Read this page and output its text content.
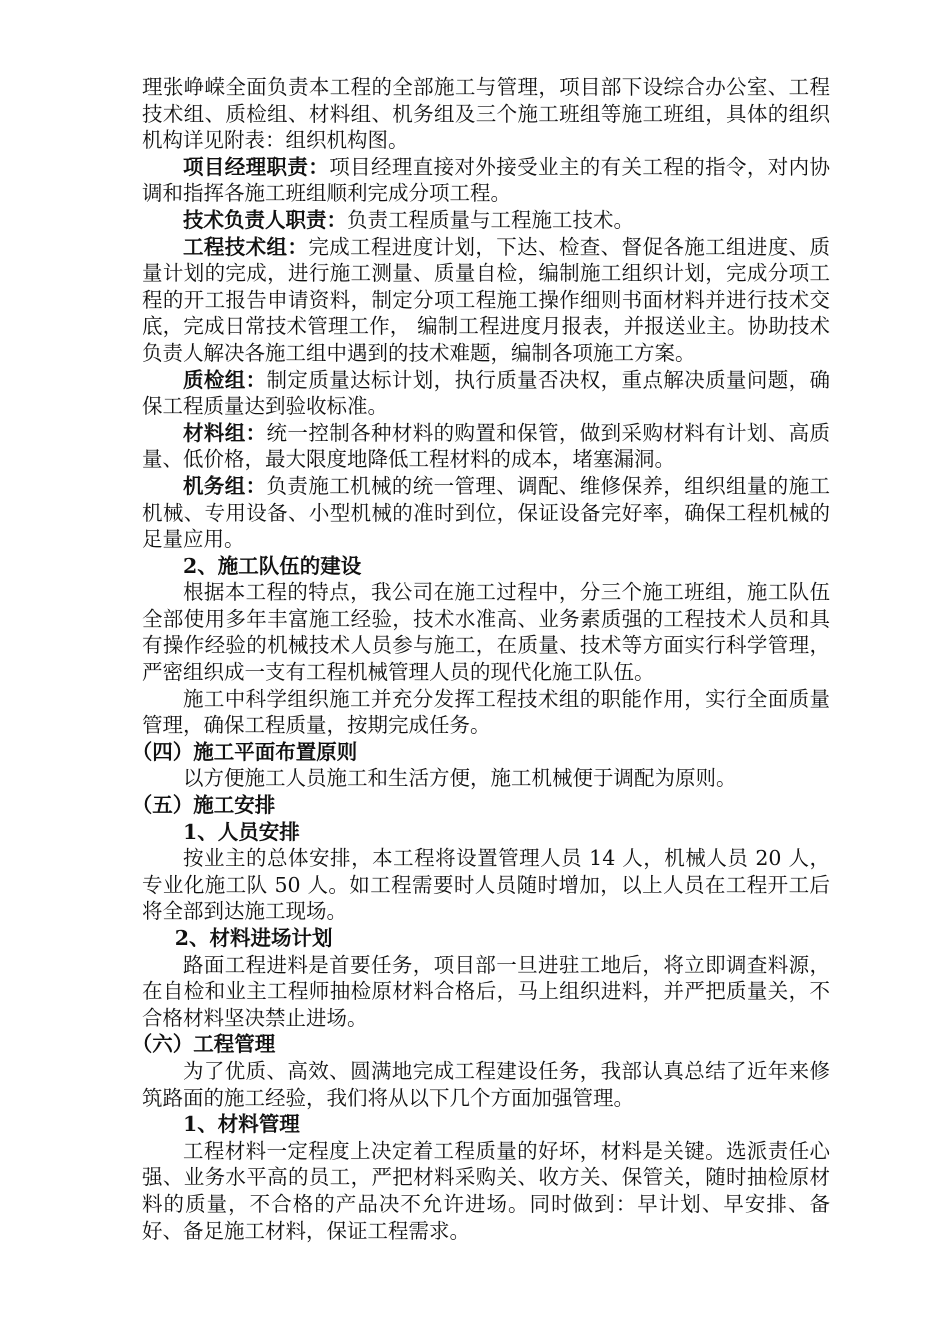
理张峥嵘全面负责本工程的全部施工与管理，项目部下设综合办公室、工程技术组、质检组、材料组、机务组及三个施工班组等施工班组，具体的组织机构详见附表：组织机构图。

项目经理职责：项目经理直接对外接受业主的有关工程的指令，对内协调和指挥各施工班组顺利完成分项工程。

技术负责人职责：负责工程质量与工程施工技术。

工程技术组：完成工程进度计划，下达、检查、督促各施工组进度、质量计划的完成，进行施工测量、质量自检，编制施工组织计划，完成分项工程的开工报告申请资料，制定分项工程施工操作细则书面材料并进行技术交底，完成日常技术管理工作， 编制工程进度月报表，并报送业主。协助技术负责人解决各施工组中遇到的技术难题，编制各项施工方案。

质检组：制定质量达标计划，执行质量否决权，重点解决质量问题，确保工程质量达到验收标准。

材料组：统一控制各种材料的购置和保管，做到采购材料有计划、高质量、低价格，最大限度地降低工程材料的成本，堵塞漏洞。

机务组：负责施工机械的统一管理、调配、维修保养，组织组量的施工机械、专用设备、小型机械的准时到位，保证设备完好率，确保工程机械的足量应用。

2、施工队伍的建设

根据本工程的特点，我公司在施工过程中，分三个施工班组，施工队伍全部使用多年丰富施工经验，技术水准高、业务素质强的工程技术人员和具有操作经验的机械技术人员参与施工，在质量、技术等方面实行科学管理，严密组织成一支有工程机械管理人员的现代化施工队伍。

施工中科学组织施工并充分发挥工程技术组的职能作用，实行全面质量管理，确保工程质量，按期完成任务。

（四）施工平面布置原则

以方便施工人员施工和生活方便，施工机械便于调配为原则。

（五）施工安排

1、人员安排

按业主的总体安排，本工程将设置管理人员 14 人，机械人员 20 人，专业化施工队 50 人。如工程需要时人员随时增加，以上人员在工程开工后将全部到达施工现场。

2、材料进场计划

路面工程进料是首要任务，项目部一旦进驻工地后，将立即调查料源，在自检和业主工程师抽检原材料合格后，马上组织进料，并严把质量关，不合格材料坚决禁止进场。

（六）工程管理

为了优质、高效、圆满地完成工程建设任务，我部认真总结了近年来修筑路面的施工经验，我们将从以下几个方面加强管理。

1、材料管理

工程材料一定程度上决定着工程质量的好坏，材料是关键。选派责任心强、业务水平高的员工，严把材料采购关、收方关、保管关，随时抽检原材料的质量，不合格的产品决不允许进场。同时做到：早计划、早安排、备好、备足施工材料，保证工程需求。
